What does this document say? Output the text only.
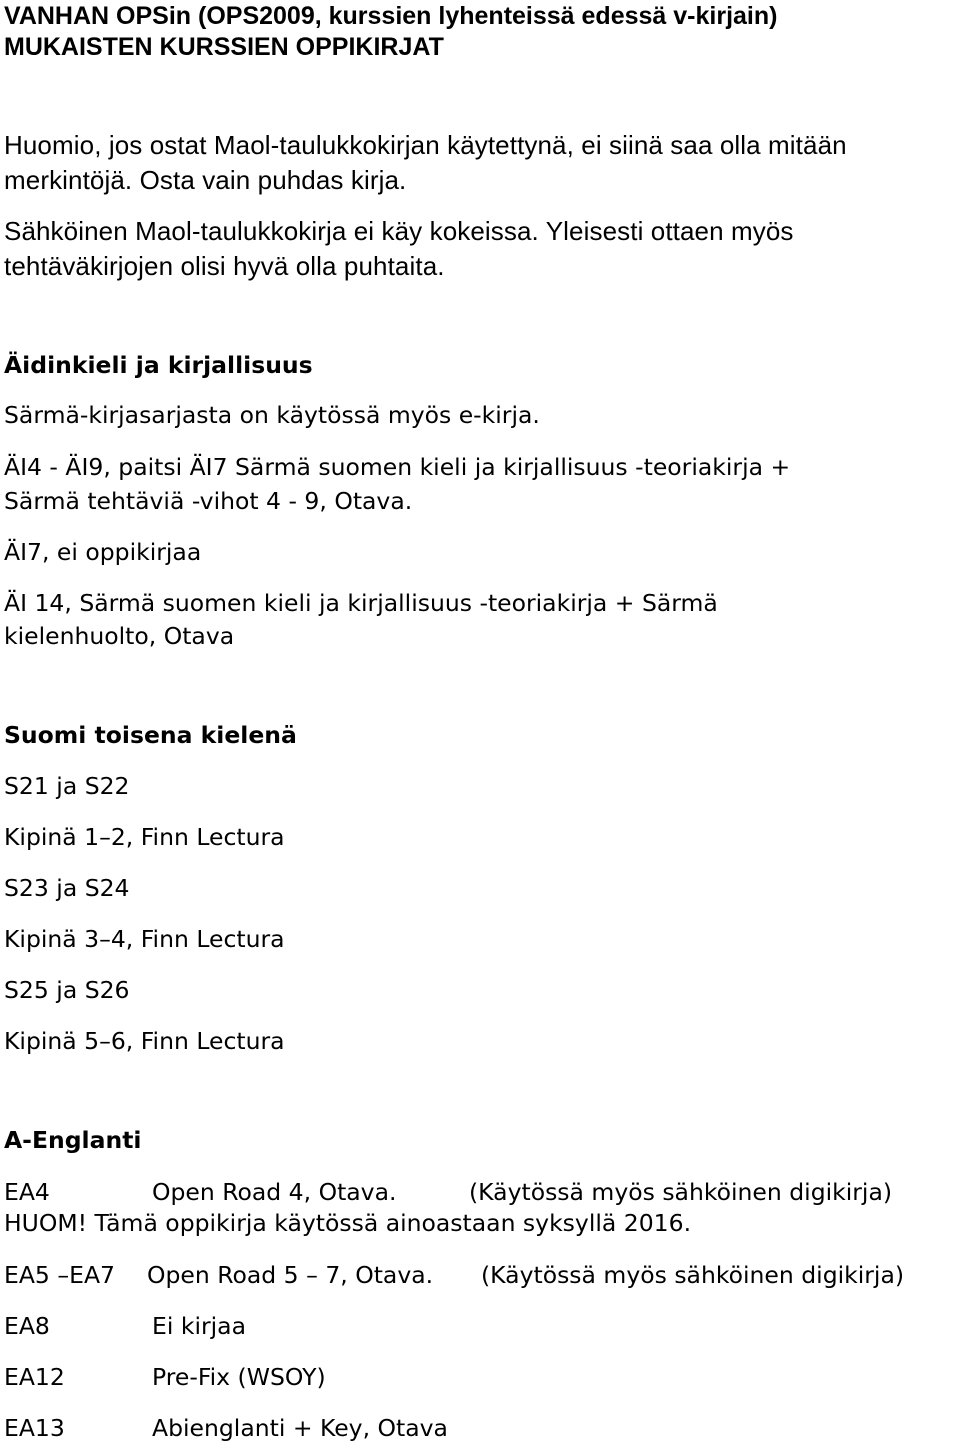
VANHAN OPSin (OPS2009, kurssien lyhenteissä edessä v-kirjain)

MUKAISTEN KURSSIEN OPPIKIRJAT

Huomio, jos ostat Maol-taulukkokirjan käytettynä, ei siinä saa olla mitään

merkintöjä. Osta vain puhdas kirja.

Sähköinen Maol-taulukkokirja ei käy kokeissa. Yleisesti ottaen myös

tehtäväkirjojen olisi hyvä olla puhtaita.

Äidinkieli ja kirjallisuus

Särmä-kirjasarjasta on käytössä myös e-kirja.

ÄI4 - ÄI9, paitsi ÄI7 Särmä suomen kieli ja kirjallisuus -teoriakirja +

Särmä tehtäviä -vihot 4 - 9, Otava.

ÄI7, ei oppikirjaa

ÄI 14, Särmä suomen kieli ja kirjallisuus -teoriakirja + Särmä

kielenhuolto, Otava

Suomi toisena kielenä

S21 ja S22

Kipinä 1–2, Finn Lectura

S23 ja S24

Kipinä 3–4, Finn Lectura

S25 ja S26

Kipinä 5–6, Finn Lectura

A-Englanti

EA4	Open Road 4, Otava.	(Käytössä myös sähköinen digikirja)
HUOM! Tämä oppikirja käytössä ainoastaan syksyllä 2016.
EA5 –EA7 Open Road 5 – 7, Otava. (Käytössä myös sähköinen digikirja)
EA8	Ei kirjaa
EA12	Pre-Fix (WSOY)
EA13	Abienglanti + Key, Otava
